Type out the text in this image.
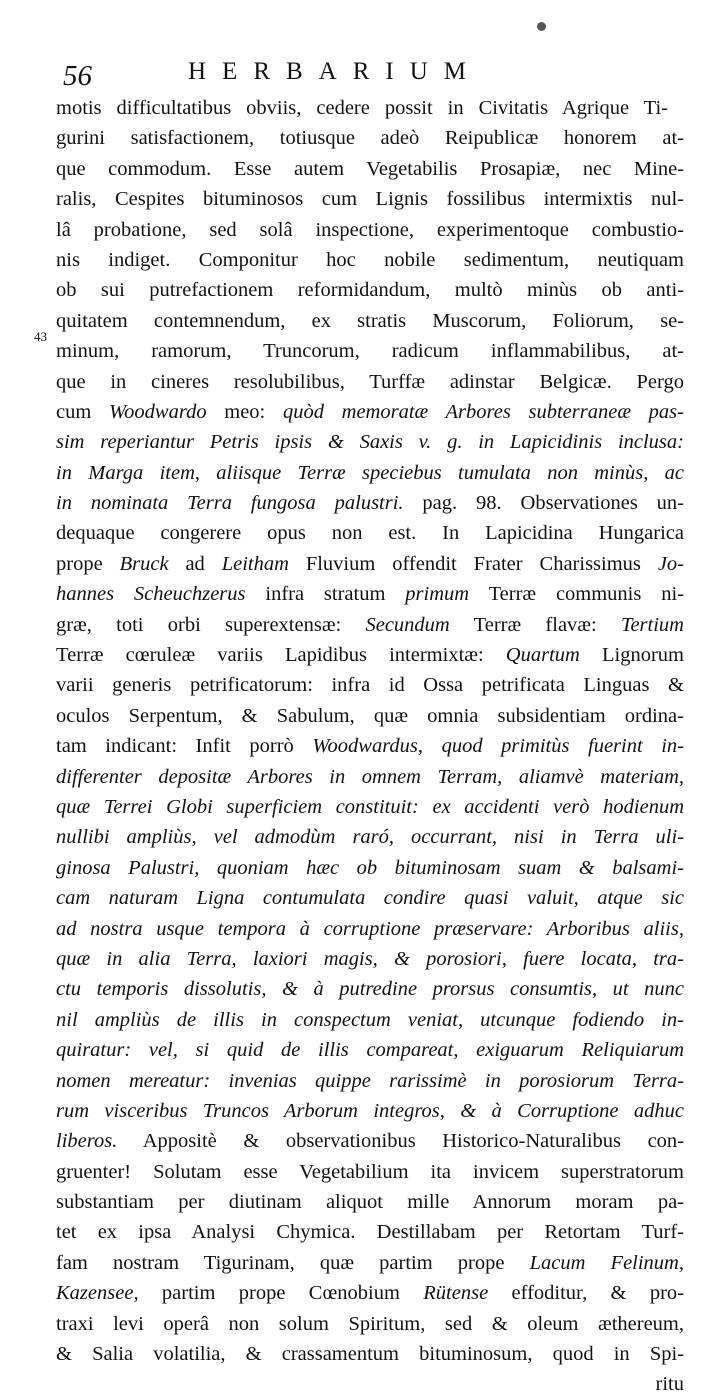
56	HERBARIUM
43
motis difficultatibus obviis, cedere possit in Civitatis Agrique Ti-
gurini satisfactionem, totiusque adeò Reipublicæ honorem at-
que commodum. Esse autem Vegetabilis Prosapiæ, nec Mine-
ralis, Cespites bituminosos cum Lignis fossilibus intermixtis nul-
lâ probatione, sed solâ inspectione, experimentoque combustio-
nis indiget. Componitur hoc nobile sedimentum, neutiquam
ob sui putrefactionem reformidandum, multò minùs ob anti-
quitatem contemnendum, ex stratis Muscorum, Foliorum, se-
minum, ramorum, Truncorum, radicum inflammabilibus, at-
que in cineres resolubilibus, Turffæ adinstar Belgicæ. Pergo
cum Woodwardo meo: quòd memoratæ Arbores subterraneæ pas-
sim reperiantur Petris ipsis & Saxis v. g. in Lapicidinis inclusa:
in Marga item, aliisque Terræ speciebus tumulata non minùs, ac
in nominata Terra fungosa palustri. pag. 98. Observationes un-
dequaque congerere opus non est. In Lapicidina Hungarica
prope Bruck ad Leitham Fluvium offendit Frater Charissimus Jo-
hannes Scheuchzerus infra stratum primum Terræ communis ni-
græ, toti orbi superextensæ: Secundum Terræ flavæ: Tertium
Terræ cœruleæ variis Lapidibus intermixtæ: Quartum Lignorum
varii generis petrificatorum: infra id Ossa petrificata Linguas &
oculos Serpentum, & Sabulum, quæ omnia subsidentiam ordina-
tam indicant: Infit porrò Woodwardus, quod primitùs fuerint in-
differenter depositæ Arbores in omnem Terram, aliamvè materiam,
quæ Terrei Globi superficiem constituit: ex accidenti verò hodienum
nullibi ampliùs, vel admodùm raró, occurrant, nisi in Terra uli-
ginosa Palustri, quoniam hæc ob bituminosam suam & balsami-
cam naturam Ligna contumulata condire quasi valuit, atque sic
ad nostra usque tempora à corruptione præservare: Arboribus aliis,
quæ in alia Terra, laxiori magis, & porosiori, fuere locata, tra-
ctu temporis dissolutis, & à putredine prorsus consumtis, ut nunc
nil ampliùs de illis in conspectum veniat, utcunque fodiendo in-
quiratur: vel, si quid de illis compareat, exiguarum Reliquiarum
nomen mereatur: invenias quippe rarissimè in porosiorum Terra-
rum visceribus Truncos Arborum integros, & à Corruptione adhuc
liberos. Appositè & observationibus Historico-Naturalibus con-
gruenter! Solutam esse Vegetabilium ita invicem superstratorum
substantiam per diutinam aliquot mille Annorum moram pa-
tet ex ipsa Analysi Chymica. Destillabam per Retortam Turf-
fam nostram Tigurinam, quæ partim prope Lacum Felinum,
Kazensee, partim prope Cœnobium Rütense effoditur, & pro-
traxi levi operâ non solum Spiritum, sed & oleum æthereum,
& Salia volatilia, & crassamentum bituminosum, quod in Spi-
ritu
